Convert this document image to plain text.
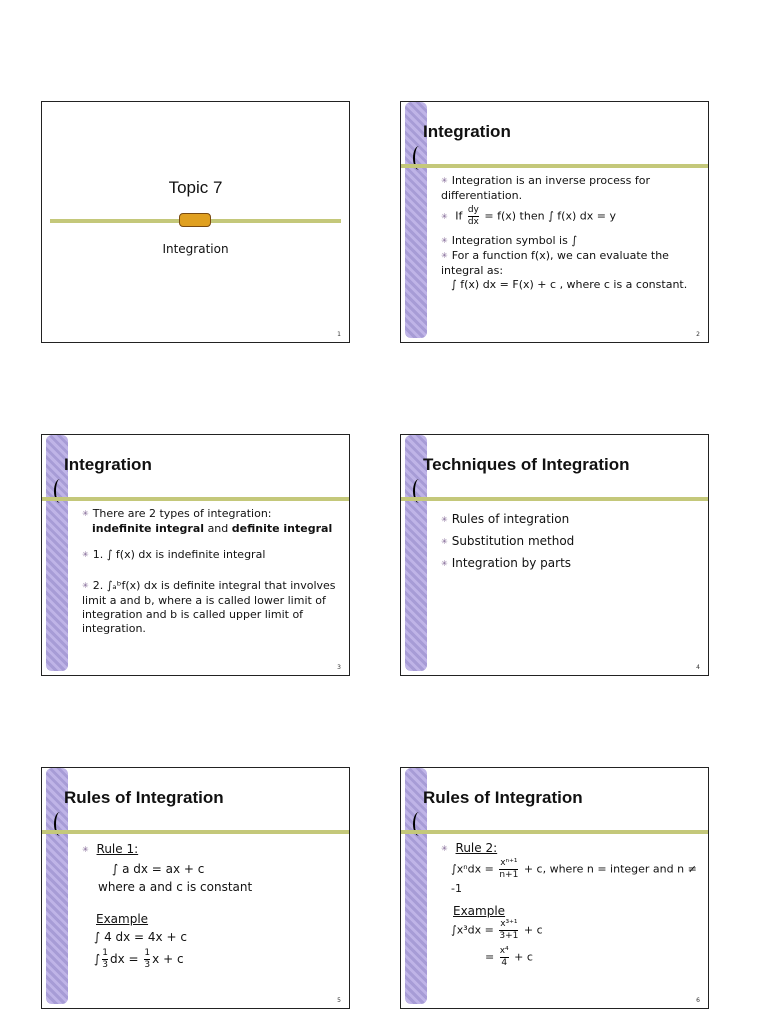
Topic 7
Integration
1
Integration
✳ Integration is an inverse process for differentiation.
✳ If $\frac{dy}{dx} = f(x)$ then ∫ f(x) dx = y
✳ Integration symbol is ∫
✳ For a function f(x), we can evaluate the integral as:
∫ f(x) dx = F(x) + c , where c is a constant.
2
Integration
✳ There are 2 types of integration:
indefinite integral and definite integral
✳ 1. ∫ f(x) dx is indefinite integral
✳ 2. ∫ₐᵇf(x) dx is definite integral that involves limit a and b, where a is called lower limit of integration and b is called upper limit of integration.
3
Techniques of Integration
✳ Rules of integration
✳ Substitution method
✳ Integration by parts
4
Rules of Integration
✳ Rule 1:
∫ a dx = ax + c
where a and c is constant
Example
∫ 4 dx = 4x + c
∫ $\frac{1}{3}$ dx = $\frac{1}{3}$ x + c
5
Rules of Integration
✳ Rule 2:
$\int x^ndx = \frac{\text{xⁿ⁺¹}}{n+1} + c$, where n = integer and n ≠ -1
Example
$\int x^3dx = \frac{\text{x³⁺¹}}{3+1} + c$
= $\frac{\text{x⁴}}{4} + c$
6
